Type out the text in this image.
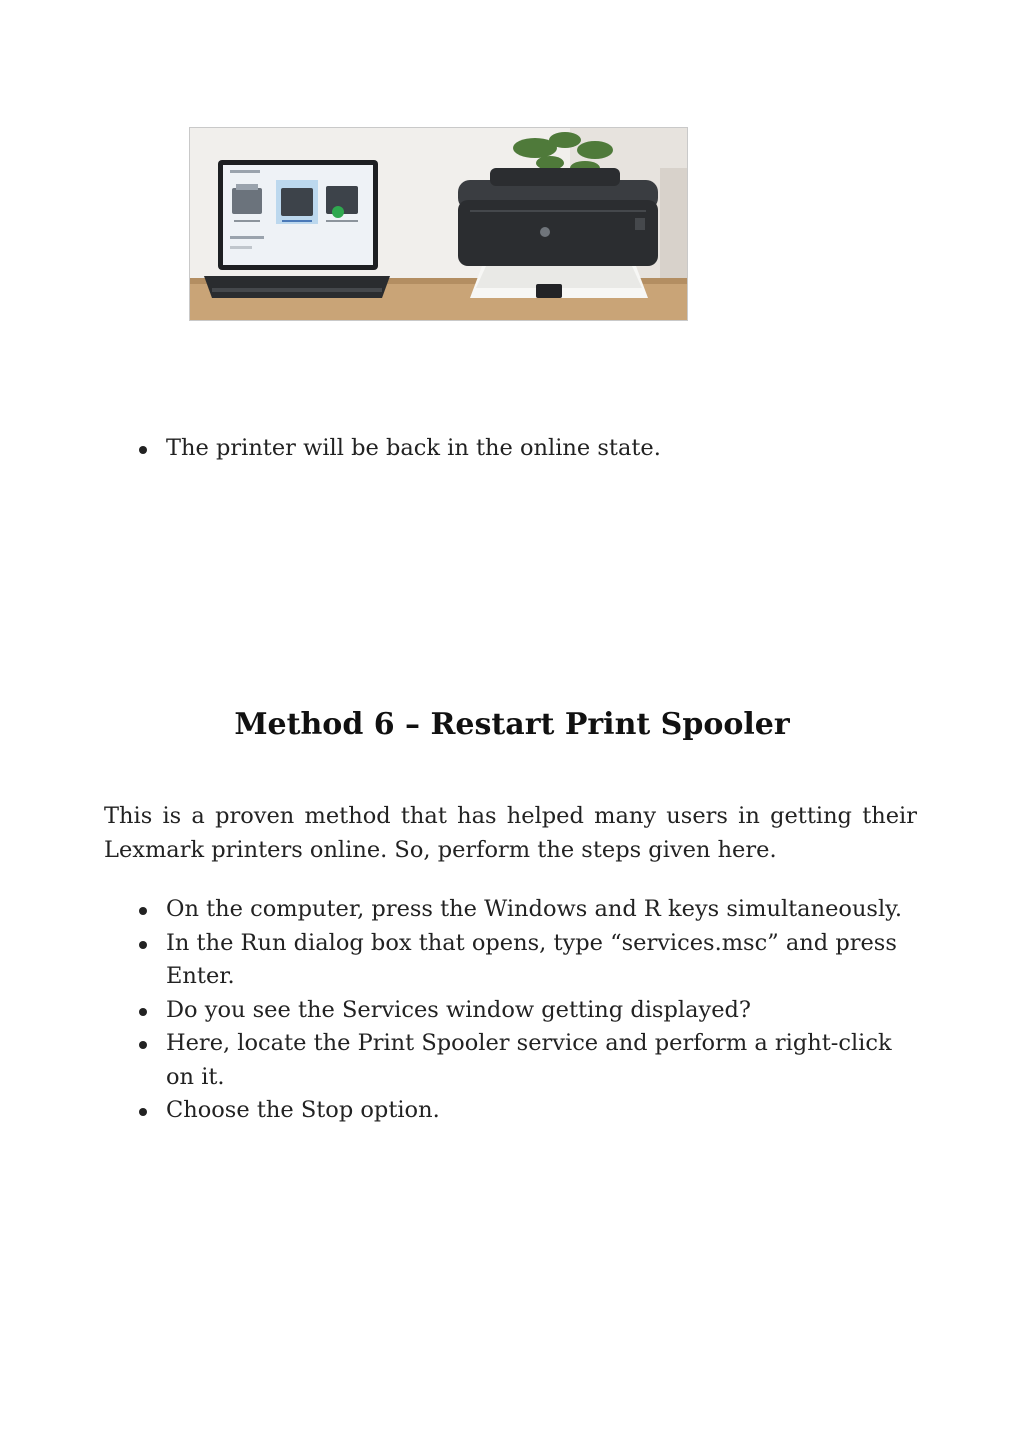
The printer will be back in the online state.
Method 6 – Restart Print Spooler

This is a proven method that has helped many users in getting their Lexmark printers online. So, perform the steps given here.

On the computer, press the Windows and R keys simultaneously.
In the Run dialog box that opens, type “services.msc” and press Enter.
Do you see the Services window getting displayed?
Here, locate the Print Spooler service and perform a right-click on it.
Choose the Stop option.
